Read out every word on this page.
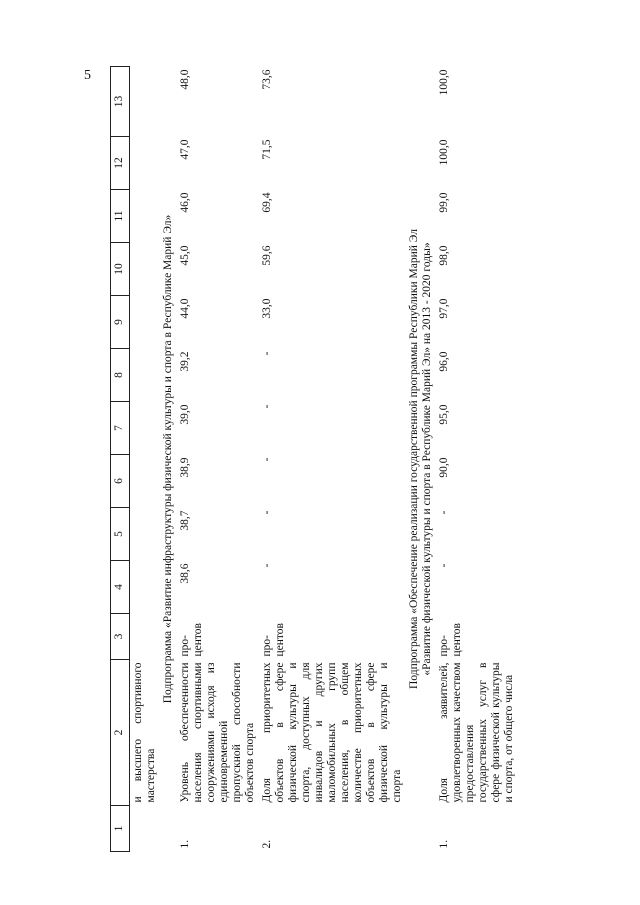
5
1	2	3	4	5	6	7	8	9	10	11	12	13
	и высшего спортивного мастерства											
Подпрограмма «Развитие инфраструктуры физической культуры и спорта в Республике Марий Эл»												
1.	Уровень обеспеченности населения спортивными сооружениями исходя из единовременной пропускной способности объектов спорта	про-центов	38,6	38,7	38,9	39,0	39,2	44,0	45,0	46,0	47,0	48,0
2.	Доля приоритетных объектов в сфере физической культуры и спорта, доступных для инвалидов и других маломобильных групп населения, в общем количестве приоритетных объектов в сфере физической культуры и спорта	про-центов	-	-	-	-	-	33,0	59,6	69,4	71,5	73,6

Подпрограмма «Обеспечение реализации государственной программы Республики Марий Эл «Развитие физической культуры и спорта в Республике Марий Эл» на 2013 - 2020 годы»												

1.	Доля заявителей, удовлетворенных качеством предоставления государственных услуг в сфере физической культуры и спорта, от общего числа	про-центов	-	-	90,0	95,0	96,0	97,0	98,0	99,0	100,0	100,0
